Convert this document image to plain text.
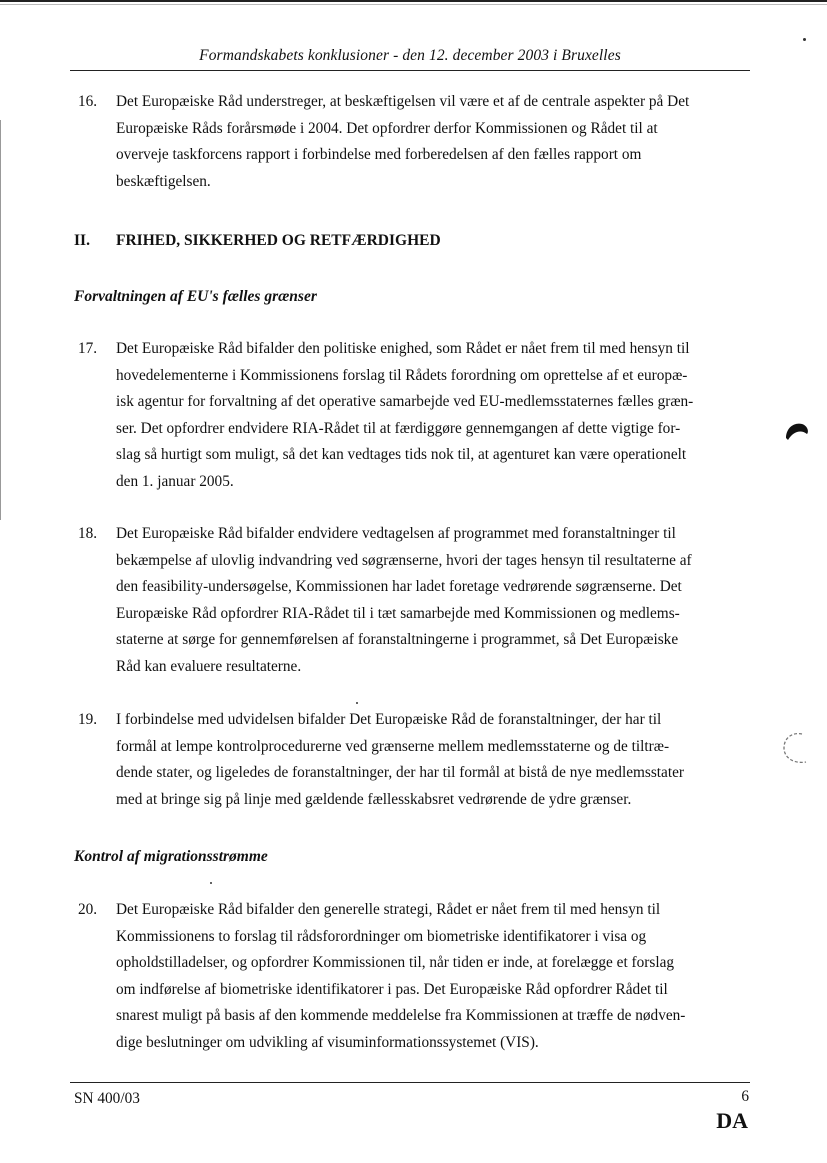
Formandskabets konklusioner - den 12. december 2003 i Bruxelles
16. Det Europæiske Råd understreger, at beskæftigelsen vil være et af de centrale aspekter på Det
Europæiske Råds forårsmøde i 2004. Det opfordrer derfor Kommissionen og Rådet til at
overveje taskforcens rapport i forbindelse med forberedelsen af den fælles rapport om
beskæftigelsen.
II. FRIHED, SIKKERHED OG RETFÆRDIGHED
Forvaltningen af EU's fælles grænser
17. Det Europæiske Råd bifalder den politiske enighed, som Rådet er nået frem til med hensyn til
hovedelementerne i Kommissionens forslag til Rådets forordning om oprettelse af et europæ-
isk agentur for forvaltning af det operative samarbejde ved EU-medlemsstaternes fælles græn-
ser. Det opfordrer endvidere RIA-Rådet til at færdiggøre gennemgangen af dette vigtige for-
slag så hurtigt som muligt, så det kan vedtages tids nok til, at agenturet kan være operationelt
den 1. januar 2005.
18. Det Europæiske Råd bifalder endvidere vedtagelsen af programmet med foranstaltninger til
bekæmpelse af ulovlig indvandring ved søgrænserne, hvori der tages hensyn til resultaterne af
den feasibility-undersøgelse, Kommissionen har ladet foretage vedrørende søgrænserne. Det
Europæiske Råd opfordrer RIA-Rådet til i tæt samarbejde med Kommissionen og medlems-
staterne at sørge for gennemførelsen af foranstaltningerne i programmet, så Det Europæiske
Råd kan evaluere resultaterne.
19. I forbindelse med udvidelsen bifalder Det Europæiske Råd de foranstaltninger, der har til
formål at lempe kontrolprocedurerne ved grænserne mellem medlemsstaterne og de tiltræ-
dende stater, og ligeledes de foranstaltninger, der har til formål at bistå de nye medlemsstater
med at bringe sig på linje med gældende fællesskabsret vedrørende de ydre grænser.
Kontrol af migrationsstrømme
20. Det Europæiske Råd bifalder den generelle strategi, Rådet er nået frem til med hensyn til
Kommissionens to forslag til rådsforordninger om biometriske identifikatorer i visa og
opholdstilladelser, og opfordrer Kommissionen til, når tiden er inde, at forelægge et forslag
om indførelse af biometriske identifikatorer i pas. Det Europæiske Råd opfordrer Rådet til
snarest muligt på basis af den kommende meddelelse fra Kommissionen at træffe de nødven-
dige beslutninger om udvikling af visuminformationssystemet (VIS).
SN 400/03	6
DA
